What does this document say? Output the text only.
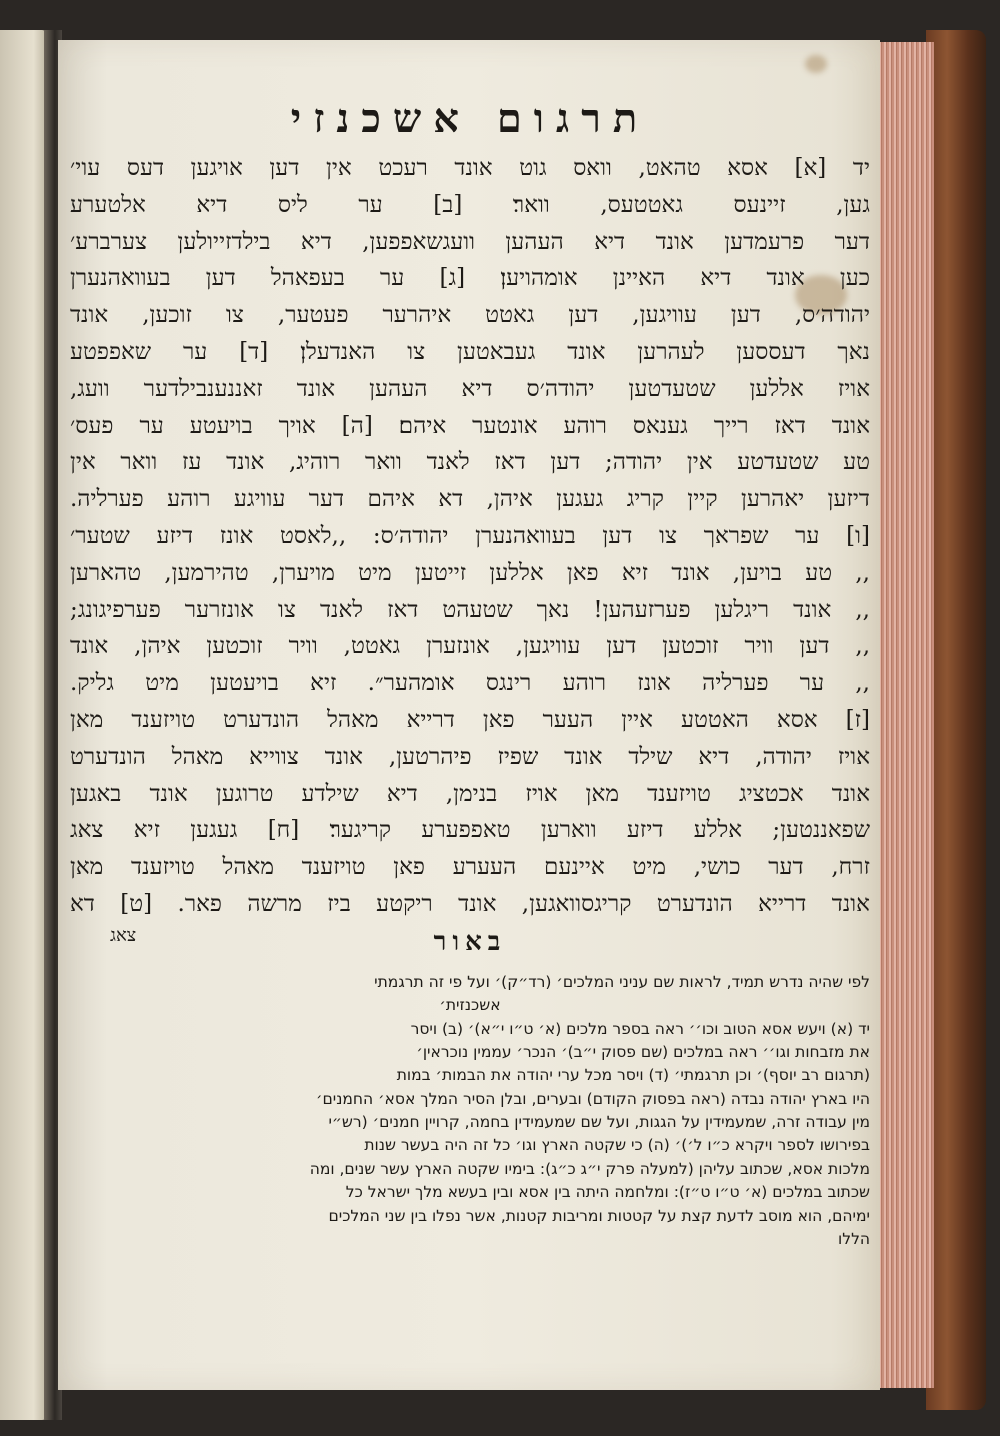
תרגום אשכנזי
יד [א] אסא טהאט, וואס גוט אונד רעכט אין דען אויגען דעס עוי׳
גען, זיינעס גאטטעס, וואר׃ [ב] ער ליס דיא אלטערע
דער פרעמדען אונד דיא העהען וועגשאפפען, דיא בילדזייולען צערברע׳
כען אונד דיא האיינן אומהויען׃ [ג] ער בעפאהל דען בעוואהנערן
יהודה׳ס, דען עוויגען, דען גאטט איהרער פעטער, צו זוכען, אונד
נאך דעססען לעהרען אונד געבאטען צו האנדעלן׃ [ד] ער שאפפטע
אויז אללען שטעדטען יהודה׳ס דיא העהען אונד זאננענבילדער וועג,
אונד דאז רייך גענאס רוהע אונטער איהם׃ [ה] אויך בויעטע ער פעס׳
טע שטעדטע אין יהודה; דען דאז לאנד וואר רוהיג, אונד עז וואר אין
דיזען יאהרען קיין קריג געגען איהן, דא איהם דער עוויגע רוהע פערליה.
[ו] ער שפראך צו דען בעוואהנערן יהודה׳ס: ,,לאסט אונז דיזע שטער׳
,, טע בויען, אונד זיא פאן אללען זייטען מיט מויערן, טהירמען, טהארען
,, אונד ריגלען פערזעהען! נאך שטעהט דאז לאנד צו אונזרער פערפיגונג;
,, דען וויר זוכטען דען עוויגען, אונזערן גאטט, וויר זוכטען איהן, אונד
,, ער פערליה אונז רוהע רינגס אומהער״. זיא בויעטען מיט גליק.
[ז] אסא האטטע איין העער פאן דרייא מאהל הונדערט טויזענד מאן
אויז יהודה, דיא שילד אונד שפיז פיהרטען, אונד צווייא מאהל הונדערט
אונד אכטציג טויזענד מאן אויז בנימן, דיא שילדע טרוגען אונד באגען
שפאננטען; אללע דיזע ווארען טאפפערע קריגער׃ [ח] געגען זיא צאג
זרח, דער כושי, מיט איינעם העערע פאן טויזענד מאהל טויזענד מאן
אונד דרייא הונדערט קריגסוואגען, אונד ריקטע ביז מרשה פאר. [ט] דא
באור
צאג
לפי שהיה נדרש תמיד, לראות שם עניני המלכים׳ (רד״ק)׳ ועל פי זה תרגמתי
אשכנזית׳
יד (א) ויעש אסא הטוב וכו׳׳ ראה בספר מלכים (א׳ ט״ו י״א)׳ (ב) ויסר
את מזבחות וגו׳׳ ראה במלכים (שם פסוק י״ב)׳ הנכר׳ עממין נוכראין׳
(תרגום רב יוסף)׳ וכן תרגמתי׳ (ד) ויסר מכל ערי יהודה את הבמות׳ במות
היו בארץ יהודה נבדה (ראה בפסוק הקודם) ובערים, ובלן הסיר המלך אסא׳ החמנים׳
מין עבודה זרה, שמעמידין על הגגות, ועל שם שמעמידין בחמה, קרויין חמנים׳ (רש״י
בפירושו לספר ויקרא כ״ו ל׳)׳ (ה) כי שקטה הארץ וגו׳ כל זה היה בעשר שנות
מלכות אסא, שכתוב עליהן (למעלה פרק י״ג כ״ג): בימיו שקטה הארץ עשר שנים, ומה
שכתוב במלכים (א׳ ט״ו ט״ז): ומלחמה היתה בין אסא ובין בעשא מלך ישראל כל
ימיהם, הוא מוסב לדעת קצת על קטטות ומריבות קטנות, אשר נפלו בין שני המלכים
הללו
